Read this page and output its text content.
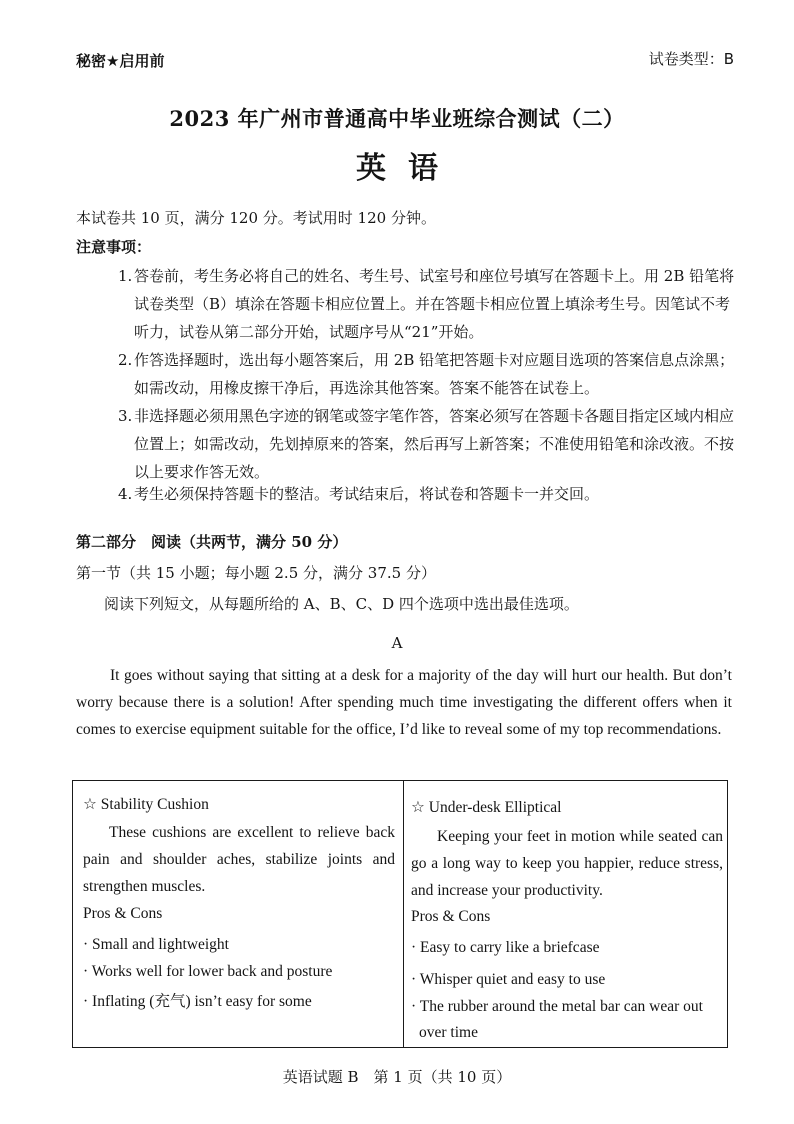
秘密★启用前	试卷类型：B
2023 年广州市普通高中毕业班综合测试（二）
英语
本试卷共 10 页，满分 120 分。考试用时 120 分钟。
注意事项：
1. 答卷前，考生务必将自己的姓名、考生号、试室号和座位号填写在答题卡上。用 2B 铅笔将试卷类型（B）填涂在答题卡相应位置上。并在答题卡相应位置上填涂考生号。因笔试不考听力，试卷从第二部分开始，试题序号从“21”开始。
2. 作答选择题时，选出每小题答案后，用 2B 铅笔把答题卡对应题目选项的答案信息点涂黑；如需改动，用橡皮擦干净后，再选涂其他答案。答案不能答在试卷上。
3. 非选择题必须用黑色字迹的钢笔或签字笔作答，答案必须写在答题卡各题目指定区域内相应位置上；如需改动，先划掉原来的答案，然后再写上新答案；不准使用铅笔和涂改液。不按以上要求作答无效。
4. 考生必须保持答题卡的整洁。考试结束后，将试卷和答题卡一并交回。
第二部分　阅读（共两节，满分 50 分）
第一节（共 15 小题；每小题 2.5 分，满分 37.5 分）
阅读下列短文，从每题所给的 A、B、C、D 四个选项中选出最佳选项。
A
It goes without saying that sitting at a desk for a majority of the day will hurt our health. But don’t worry because there is a solution! After spending much time investigating the different offers when it comes to exercise equipment suitable for the office, I’d like to reveal some of my top recommendations.
☆ Stability Cushion
These cushions are excellent to relieve back pain and shoulder aches, stabilize joints and strengthen muscles.
Pros & Cons
· Small and lightweight
· Works well for lower back and posture
· Inflating (充气) isn’t easy for some
☆ Under-desk Elliptical
Keeping your feet in motion while seated can go a long way to keep you happier, reduce stress, and increase your productivity.
Pros & Cons
· Easy to carry like a briefcase
· Whisper quiet and easy to use
· The rubber around the metal bar can wear out
over time
英语试题 B　第 1 页（共 10 页）
